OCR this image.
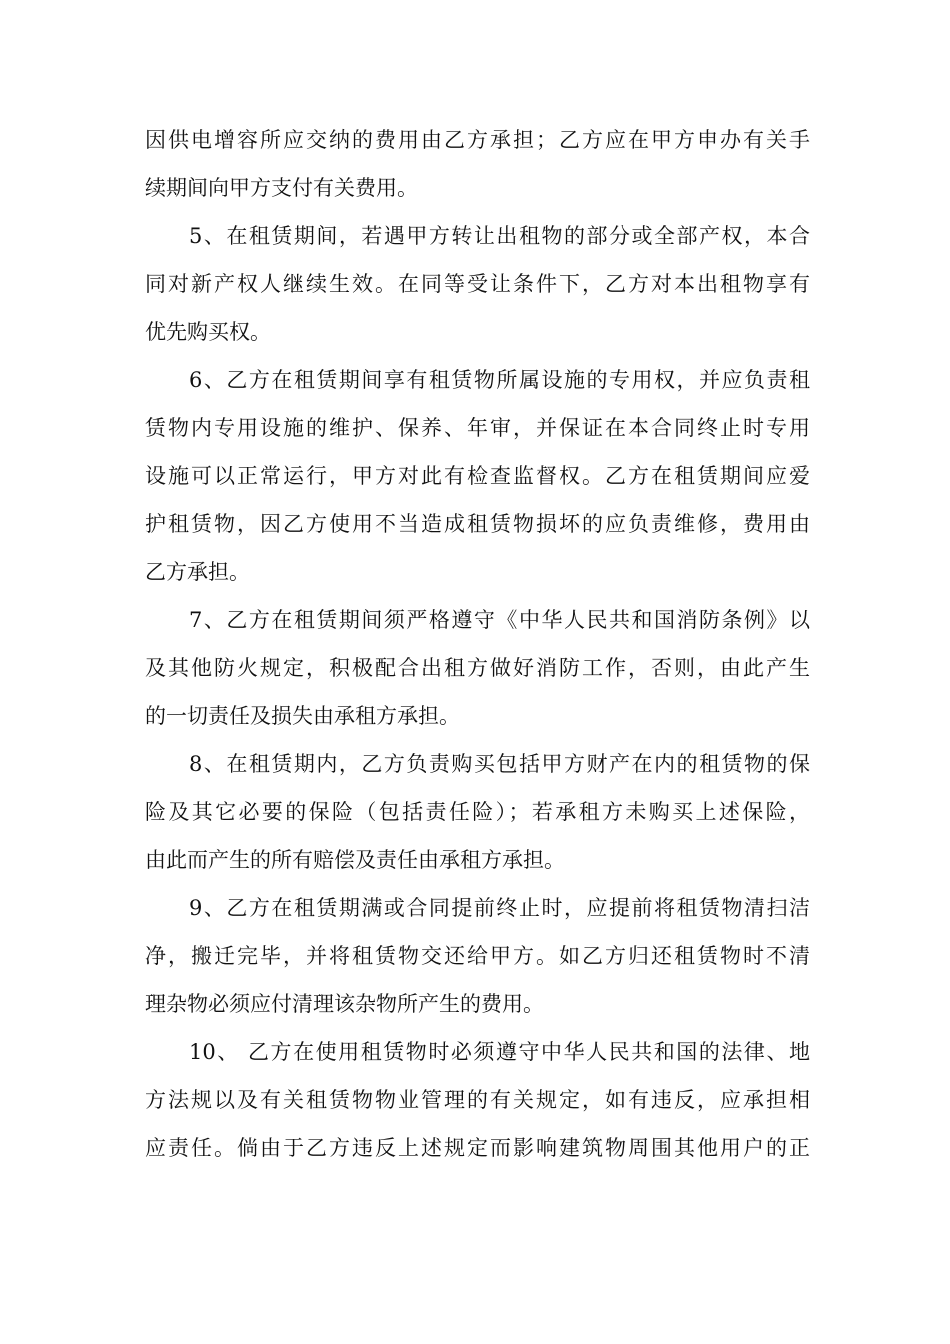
因供电增容所应交纳的费用由乙方承担；乙方应在甲方申办有关手
续期间向甲方支付有关费用。
5、在租赁期间，若遇甲方转让出租物的部分或全部产权，本合
同对新产权人继续生效。在同等受让条件下，乙方对本出租物享有
优先购买权。
6、乙方在租赁期间享有租赁物所属设施的专用权，并应负责租
赁物内专用设施的维护、保养、年审，并保证在本合同终止时专用
设施可以正常运行，甲方对此有检查监督权。乙方在租赁期间应爱
护租赁物，因乙方使用不当造成租赁物损坏的应负责维修，费用由
乙方承担。
7、乙方在租赁期间须严格遵守《中华人民共和国消防条例》以
及其他防火规定，积极配合出租方做好消防工作，否则，由此产生
的一切责任及损失由承租方承担。
8、在租赁期内，乙方负责购买包括甲方财产在内的租赁物的保
险及其它必要的保险（包括责任险）；若承租方未购买上述保险，
由此而产生的所有赔偿及责任由承租方承担。
9、乙方在租赁期满或合同提前终止时，应提前将租赁物清扫洁
净，搬迁完毕，并将租赁物交还给甲方。如乙方归还租赁物时不清
理杂物必须应付清理该杂物所产生的费用。
10、 乙方在使用租赁物时必须遵守中华人民共和国的法律、地
方法规以及有关租赁物物业管理的有关规定，如有违反，应承担相
应责任。倘由于乙方违反上述规定而影响建筑物周围其他用户的正
